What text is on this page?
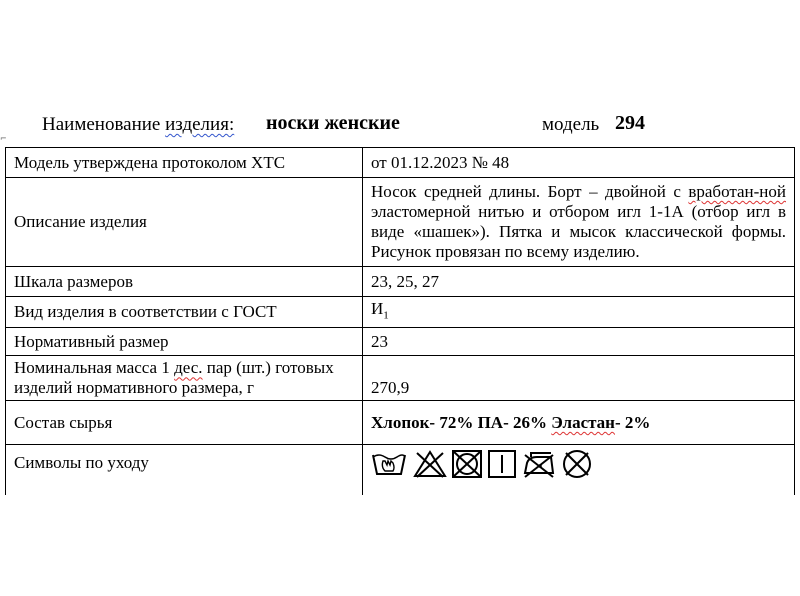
Наименование изделия: носки женские	модель 294
⌐
Модель утверждена протоколом ХТС	от 01.12.2023 № 48
Описание изделия	Носок средней длины. Борт – двойной с вработан-ной эластомерной нитью и отбором игл 1-1А (отбор игл в виде «шашек»). Пятка и мысок классической формы. Рисунок провязан по всему изделию.
Шкала размеров	23, 25, 27
Вид изделия в соответствии с ГОСТ	$И_1$
Нормативный размер	23
Номинальная масса 1 дес. пар (шт.) готовых изделий нормативного размера, г	270,9
Состав сырья	Хлопок- 72% ПА- 26% Эластан- 2%
Символы по уходу	
